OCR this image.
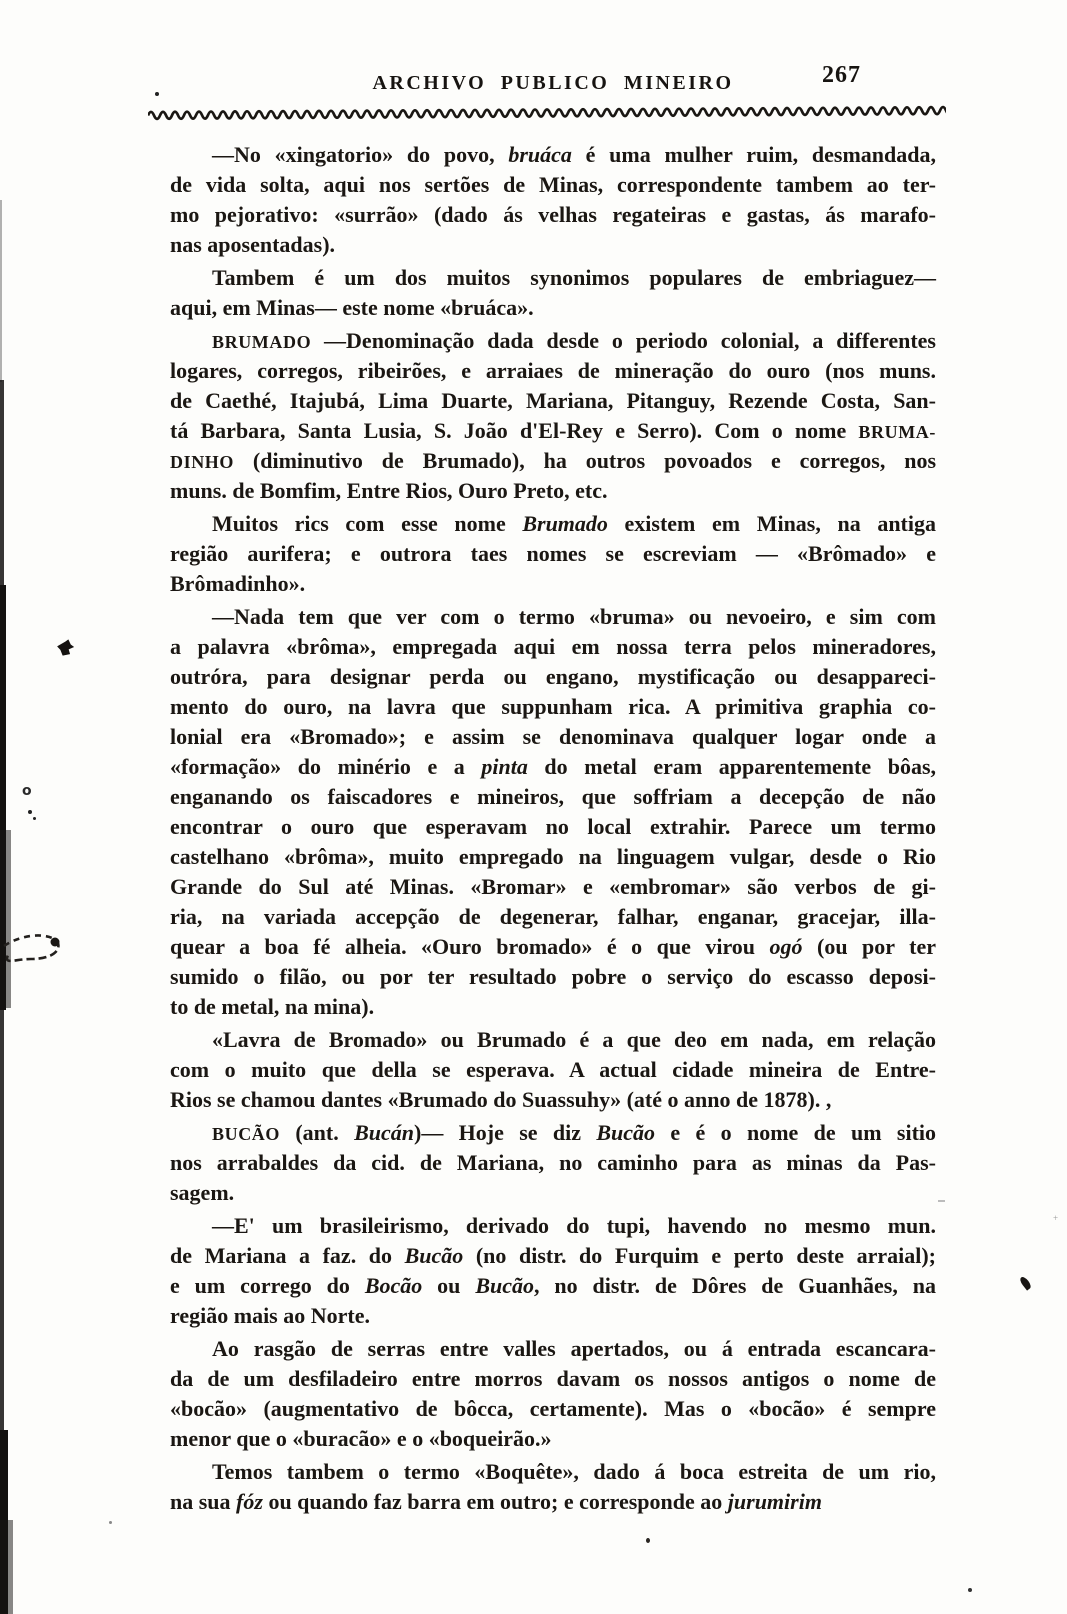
ARCHIVO PUBLICO MINEIRO	267
—No «xingatorio» do povo, bruáca é uma mulher ruim, desmandada,
de vida solta, aqui nos sertões de Minas, correspondente tambem ao ter-
mo pejorativo: «surrão» (dado ás velhas regateiras e gastas, ás marafo-
nas aposentadas).
Tambem é um dos muitos synonimos populares de embriaguez—
aqui, em Minas— este nome «bruáca».
BRUMADO —Denominação dada desde o periodo colonial, a differentes
logares, corregos, ribeirões, e arraiaes de mineração do ouro (nos muns.
de Caethé, Itajubá, Lima Duarte, Mariana, Pitanguy, Rezende Costa, San-
tá Barbara, Santa Lusia, S. João d'El-Rey e Serro). Com o nome BRUMA-
DINHO (diminutivo de Brumado), ha outros povoados e corregos, nos
muns. de Bomfim, Entre Rios, Ouro Preto, etc.
Muitos rics com esse nome Brumado existem em Minas, na antiga
região aurifera; e outrora taes nomes se escreviam — «Brômado» e
Brômadinho».
—Nada tem que ver com o termo «bruma» ou nevoeiro, e sim com
a palavra «brôma», empregada aqui em nossa terra pelos mineradores,
outróra, para designar perda ou engano, mystificação ou desappareci-
mento do ouro, na lavra que suppunham rica. A primitiva graphia co-
lonial era «Bromado»; e assim se denominava qualquer logar onde a
«formação» do minério e a pinta do metal eram apparentemente bôas,
enganando os faiscadores e mineiros, que soffriam a decepção de não
encontrar o ouro que esperavam no local extrahir. Parece um termo
castelhano «brôma», muito empregado na linguagem vulgar, desde o Rio
Grande do Sul até Minas. «Bromar» e «embromar» são verbos de gi-
ria, na variada accepção de degenerar, falhar, enganar, gracejar, illa-
quear a boa fé alheia. «Ouro bromado» é o que virou ogó (ou por ter
sumido o filão, ou por ter resultado pobre o serviço do escasso deposi-
to de metal, na mina).
«Lavra de Bromado» ou Brumado é a que deo em nada, em relação
com o muito que della se esperava. A actual cidade mineira de Entre-
Rios se chamou dantes «Brumado do Suassuhy» (até o anno de 1878). ,
BUCÃO (ant. Bucán)— Hoje se diz Bucão e é o nome de um sitio
nos arrabaldes da cid. de Mariana, no caminho para as minas da Pas-
sagem.
—E' um brasileirismo, derivado do tupi, havendo no mesmo mun.
de Mariana a faz. do Bucão (no distr. do Furquim e perto deste arraial);
e um corrego do Bocão ou Bucão, no distr. de Dôres de Guanhães, na
região mais ao Norte.
Ao rasgão de serras entre valles apertados, ou á entrada escancara-
da de um desfiladeiro entre morros davam os nossos antigos o nome de
«bocão» (augmentativo de bôcca, certamente). Mas o «bocão» é sempre
menor que o «buracão» e o «boqueirão.»
Temos tambem o termo «Boquête», dado á boca estreita de um rio,
na sua fóz ou quando faz barra em outro; e corresponde ao jurumirim
o
+
